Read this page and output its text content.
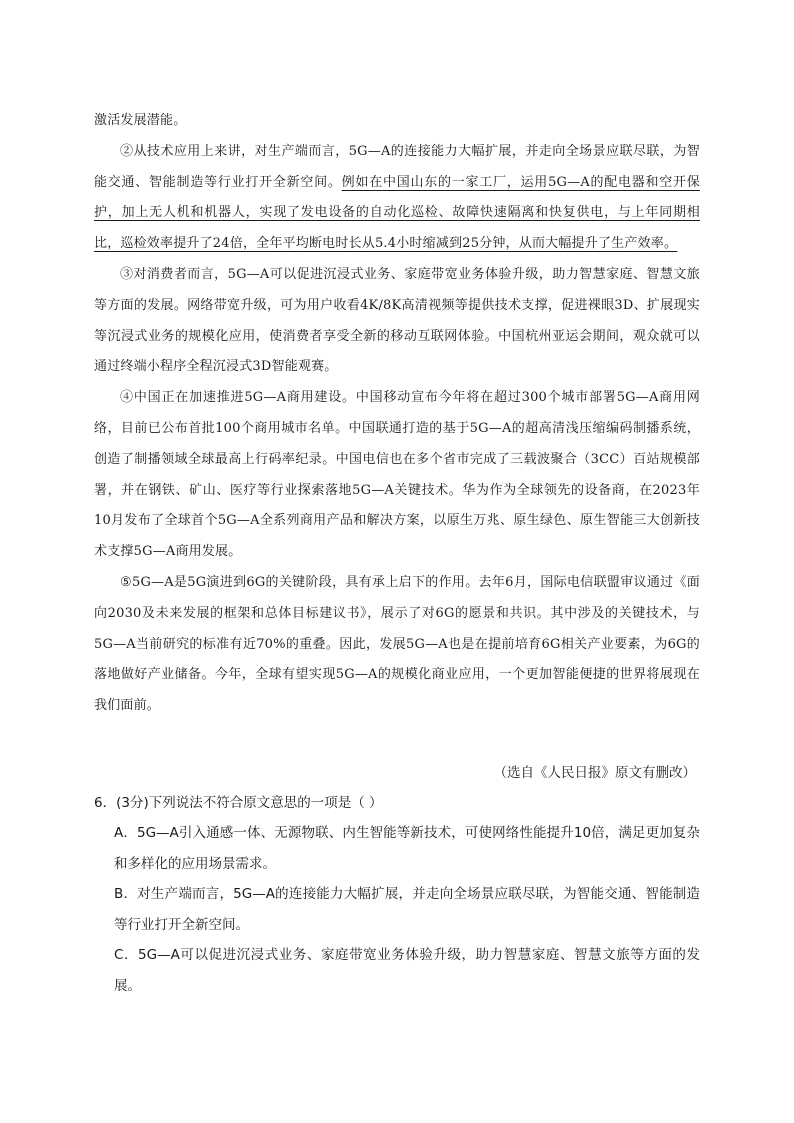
激活发展潜能。

②从技术应用上来讲，对生产端而言，5G—A的连接能力大幅扩展，并走向全场景应联尽联，为智能交通、智能制造等行业打开全新空间。例如在中国山东的一家工厂，运用5G—A的配电器和空开保护，加上无人机和机器人，实现了发电设备的自动化巡检、故障快速隔离和快复供电，与上年同期相比，巡检效率提升了24倍，全年平均断电时长从5.4小时缩减到25分钟，从而大幅提升了生产效率。

③对消费者而言，5G—A可以促进沉浸式业务、家庭带宽业务体验升级，助力智慧家庭、智慧文旅等方面的发展。网络带宽升级，可为用户收看4K/8K高清视频等提供技术支撑，促进裸眼3D、扩展现实等沉浸式业务的规模化应用，使消费者享受全新的移动互联网体验。中国杭州亚运会期间，观众就可以通过终端小程序全程沉浸式3D智能观赛。

④中国正在加速推进5G—A商用建设。中国移动宣布今年将在超过300个城市部署5G—A商用网络，目前已公布首批100个商用城市名单。中国联通打造的基于5G—A的超高清浅压缩编码制播系统，创造了制播领域全球最高上行码率纪录。中国电信也在多个省市完成了三载波聚合（3CC）百站规模部署，并在钢铁、矿山、医疗等行业探索落地5G—A关键技术。华为作为全球领先的设备商，在2023年10月发布了全球首个5G—A全系列商用产品和解决方案，以原生万兆、原生绿色、原生智能三大创新技术支撑5G—A商用发展。

⑤5G—A是5G演进到6G的关键阶段，具有承上启下的作用。去年6月，国际电信联盟审议通过《面向2030及未来发展的框架和总体目标建议书》，展示了对6G的愿景和共识。其中涉及的关键技术，与5G—A当前研究的标准有近70%的重叠。因此，发展5G—A也是在提前培育6G相关产业要素，为6G的落地做好产业储备。今年，全球有望实现5G—A的规模化商业应用，一个更加智能便捷的世界将展现在我们面前。

（选自《人民日报》原文有删改）

6．(3分)下列说法不符合原文意思的一项是（ ）

A．5G—A引入通感一体、无源物联、内生智能等新技术，可使网络性能提升10倍，满足更加复杂和多样化的应用场景需求。

B．对生产端而言，5G—A的连接能力大幅扩展，并走向全场景应联尽联，为智能交通、智能制造等行业打开全新空间。

C．5G—A可以促进沉浸式业务、家庭带宽业务体验升级，助力智慧家庭、智慧文旅等方面的发展。
